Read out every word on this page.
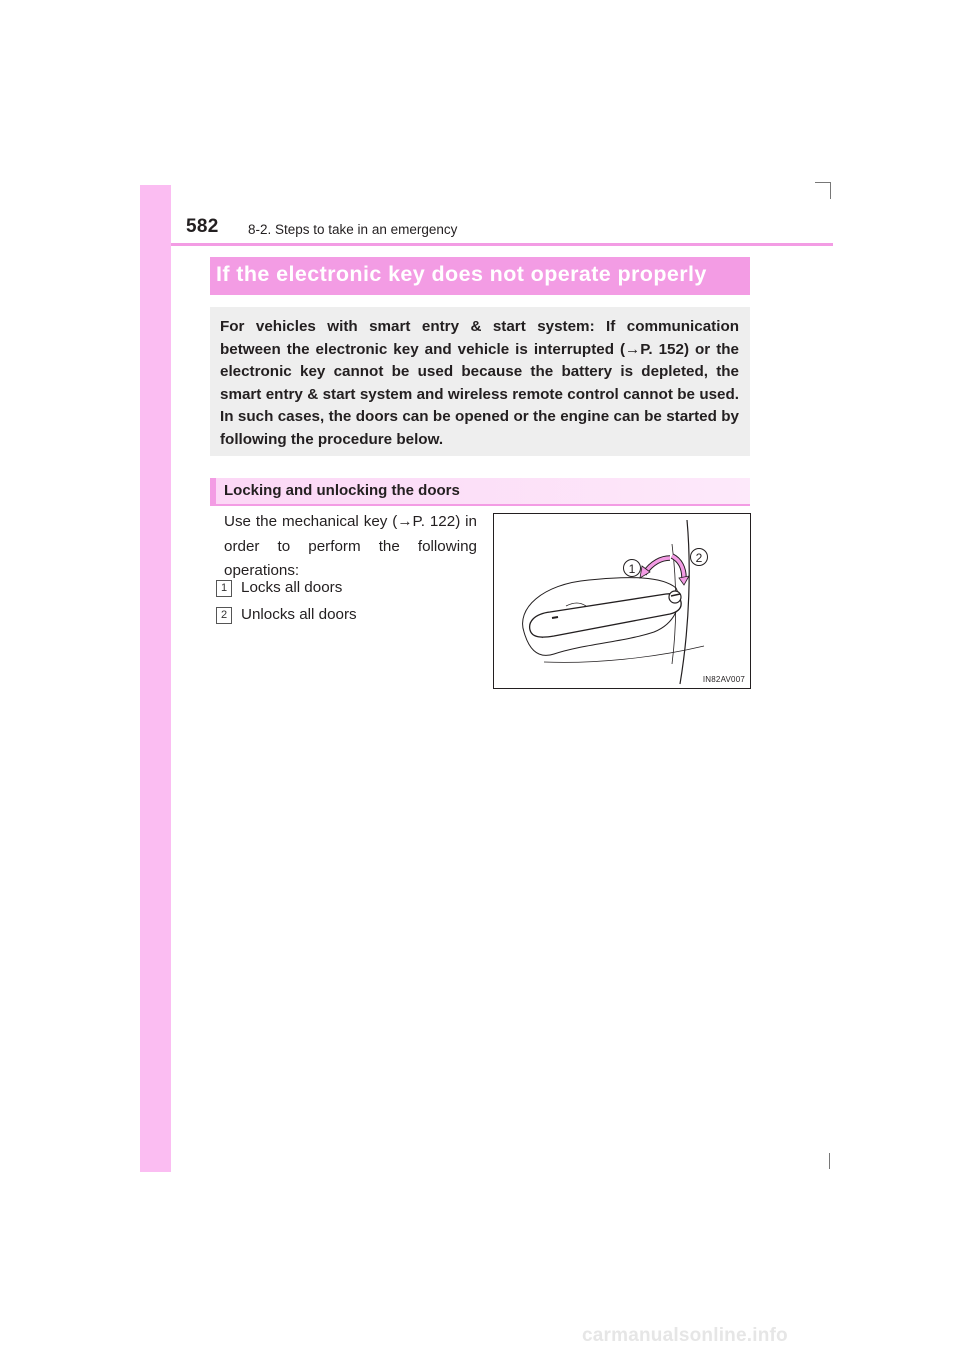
582 8-2. Steps to take in an emergency
If the electronic key does not operate properly
For vehicles with smart entry & start system: If communication between the electronic key and vehicle is interrupted (→P. 152) or the electronic key cannot be used because the battery is depleted, the smart entry & start system and wireless remote control cannot be used. In such cases, the doors can be opened or the engine can be started by following the procedure below.
Locking and unlocking the doors
Use the mechanical key (→P. 122) in order to perform the following operations:
1 Locks all doors
2 Unlocks all doors
1
2
IN82AV007
carmanualsonline.info
